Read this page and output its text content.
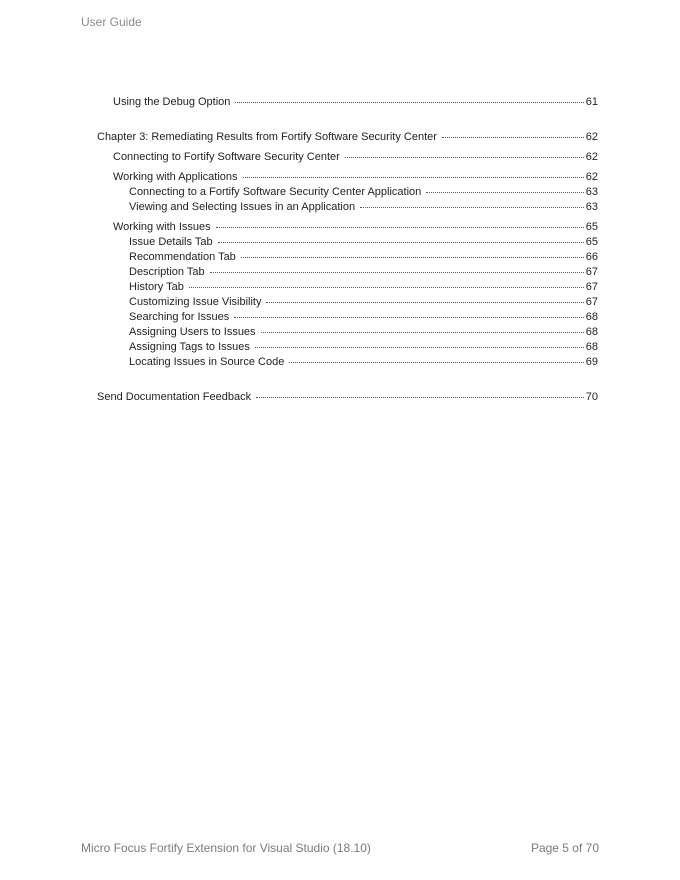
User Guide
Using the Debug Option	61
Chapter 3: Remediating Results from Fortify Software Security Center	62
Connecting to Fortify Software Security Center	62
Working with Applications	62
Connecting to a Fortify Software Security Center Application	63
Viewing and Selecting Issues in an Application	63
Working with Issues	65
Issue Details Tab	65
Recommendation Tab	66
Description Tab	67
History Tab	67
Customizing Issue Visibility	67
Searching for Issues	68
Assigning Users to Issues	68
Assigning Tags to Issues	68
Locating Issues in Source Code	69
Send Documentation Feedback	70
Micro Focus Fortify Extension for Visual Studio (18.10)	Page 5 of 70
